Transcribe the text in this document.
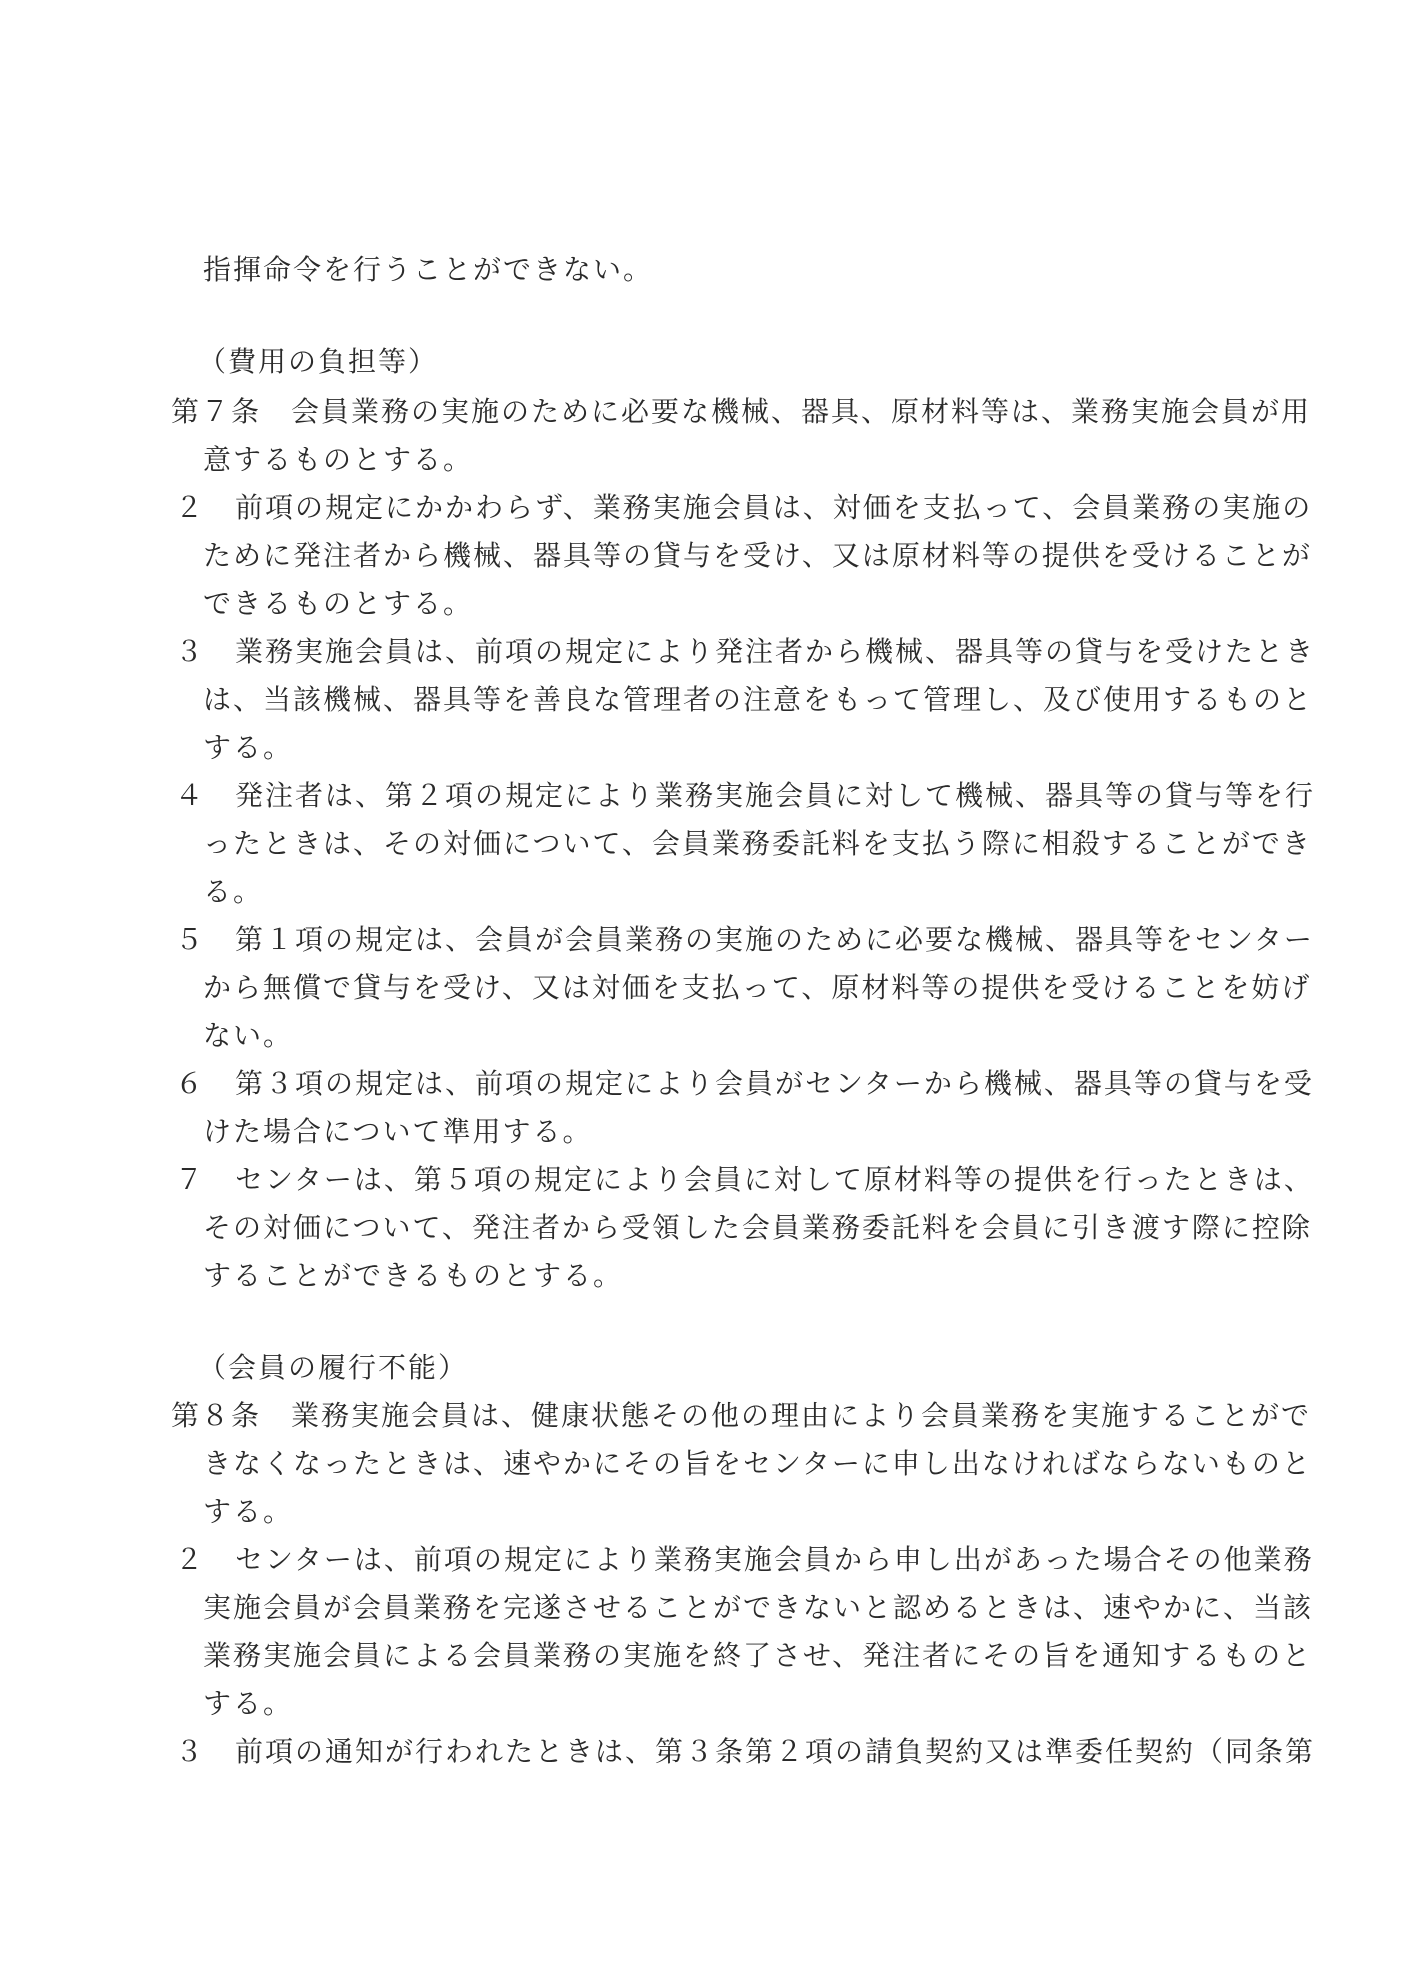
指揮命令を行うことができない。
（費用の負担等）
第７条　会員業務の実施のために必要な機械、器具、原材料等は、業務実施会員が用
意するものとする。
２　前項の規定にかかわらず、業務実施会員は、対価を支払って、会員業務の実施の
ために発注者から機械、器具等の貸与を受け、又は原材料等の提供を受けることが
できるものとする。
３　業務実施会員は、前項の規定により発注者から機械、器具等の貸与を受けたとき
は、当該機械、器具等を善良な管理者の注意をもって管理し、及び使用するものと
する。
４　発注者は、第２項の規定により業務実施会員に対して機械、器具等の貸与等を行
ったときは、その対価について、会員業務委託料を支払う際に相殺することができ
る。
５　第１項の規定は、会員が会員業務の実施のために必要な機械、器具等をセンター
から無償で貸与を受け、又は対価を支払って、原材料等の提供を受けることを妨げ
ない。
６　第３項の規定は、前項の規定により会員がセンターから機械、器具等の貸与を受
けた場合について準用する。
７　センターは、第５項の規定により会員に対して原材料等の提供を行ったときは、
その対価について、発注者から受領した会員業務委託料を会員に引き渡す際に控除
することができるものとする。
（会員の履行不能）
第８条　業務実施会員は、健康状態その他の理由により会員業務を実施することがで
きなくなったときは、速やかにその旨をセンターに申し出なければならないものと
する。
２　センターは、前項の規定により業務実施会員から申し出があった場合その他業務
実施会員が会員業務を完遂させることができないと認めるときは、速やかに、当該
業務実施会員による会員業務の実施を終了させ、発注者にその旨を通知するものと
する。
３　前項の通知が行われたときは、第３条第２項の請負契約又は準委任契約（同条第
